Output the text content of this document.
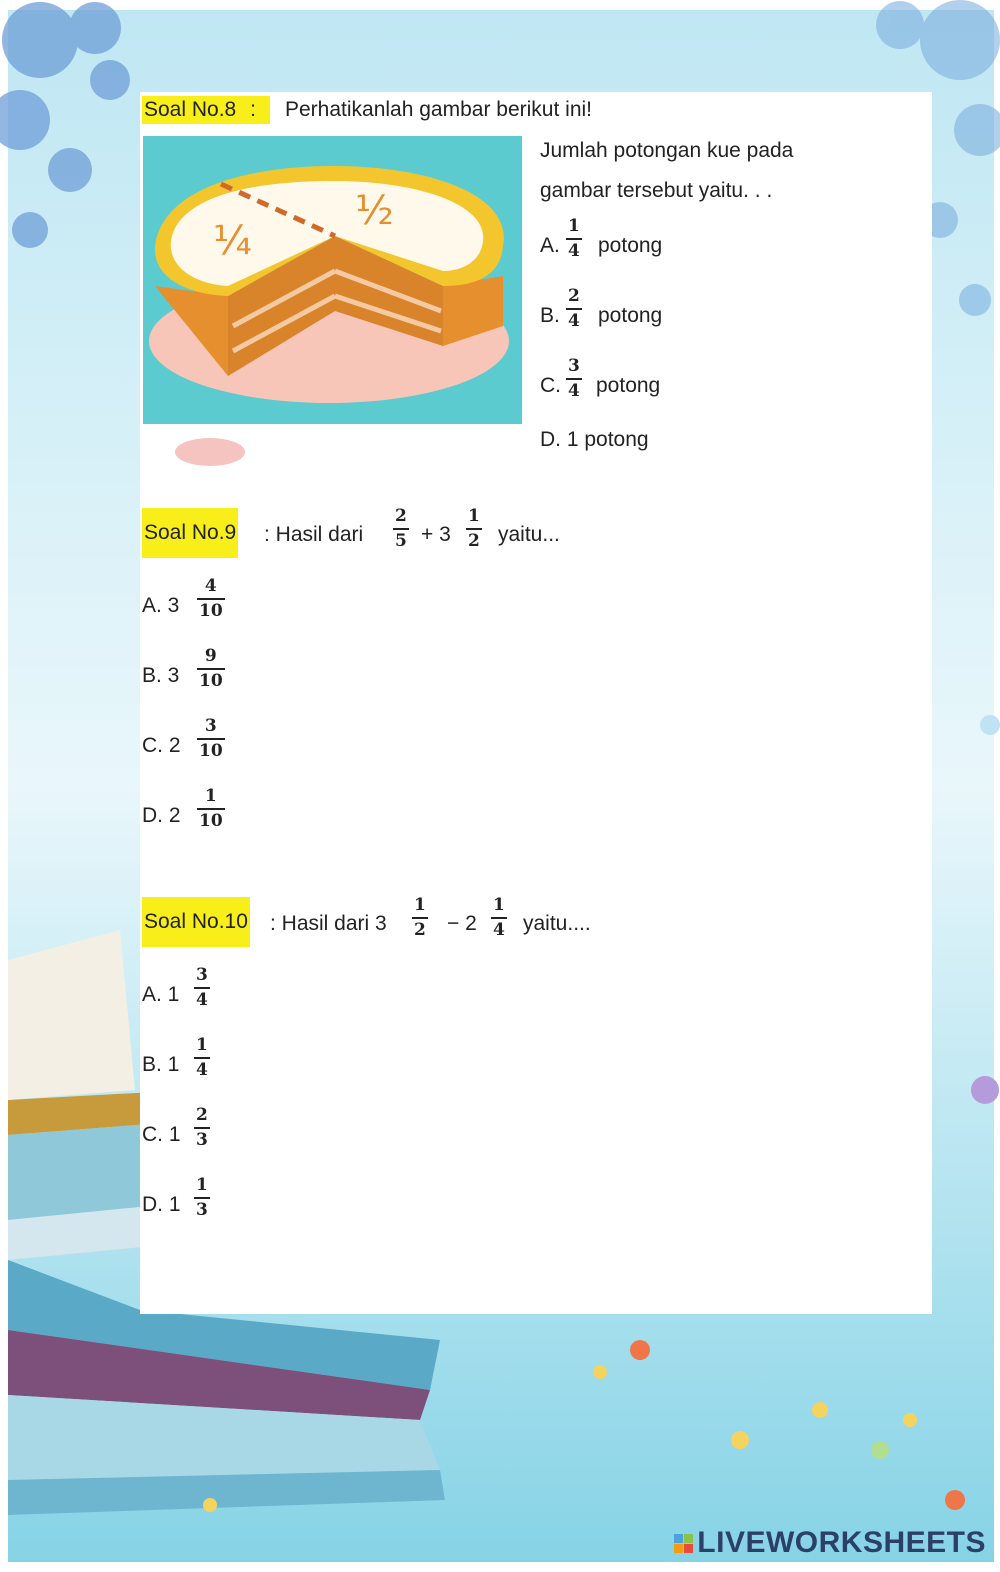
Soal No.8 :	Perhatikanlah gambar berikut ini!
¼
½
Jumlah potongan kue pada
gambar tersebut yaitu. . .
A. $\frac{1}{4}$ potong
B. $\frac{2}{4}$ potong
C. $\frac{3}{4}$ potong
D. 1 potong
Soal No.9 : Hasil dari $\frac{2}{5} + 3 \frac{1}{2}$ yaitu...
A. $3 \frac{4}{10}$
B. $3 \frac{9}{10}$
C. $2 \frac{3}{10}$
D. $2 \frac{1}{10}$
Soal No.10 : Hasil dari $3 \frac{1}{2} - 2 \frac{1}{4}$ yaitu....
A. $1 \frac{3}{4}$
B. $1 \frac{1}{4}$
C. $1 \frac{2}{3}$
D. $1 \frac{1}{3}$
LIVEWORKSHEETS
